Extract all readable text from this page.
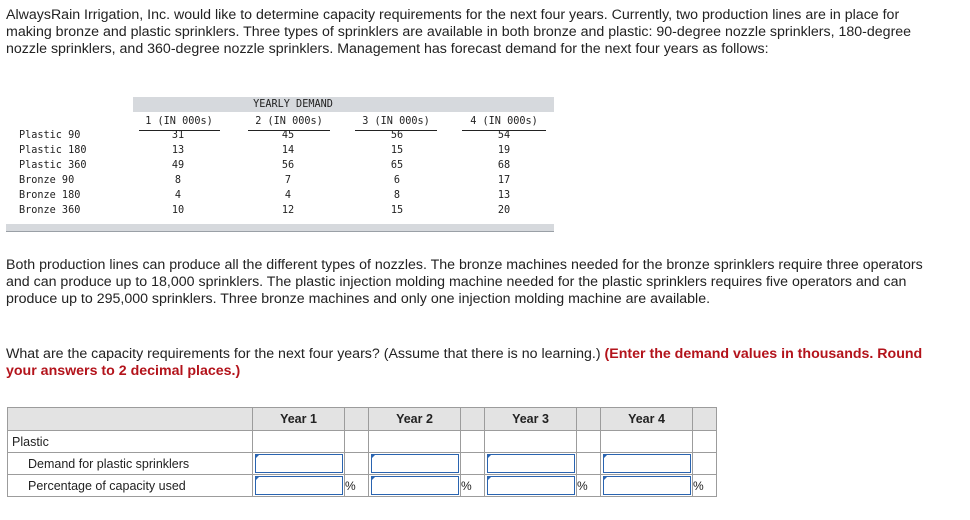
AlwaysRain Irrigation, Inc. would like to determine capacity requirements for the next four years. Currently, two production lines are in place for making bronze and plastic sprinklers. Three types of sprinklers are available in both bronze and plastic: 90-degree nozzle sprinklers, 180-degree nozzle sprinklers, and 360-degree nozzle sprinklers. Management has forecast demand for the next four years as follows:

YEARLY DEMAND
1 (IN 000s)	2 (IN 000s)	3 (IN 000s)	4 (IN 000s)
Plastic 90	31	45	56	54
Plastic 180	13	14	15	19
Plastic 360	49	56	65	68
Bronze 90	8	7	6	17
Bronze 180	4	4	8	13
Bronze 360	10	12	15	20

Both production lines can produce all the different types of nozzles. The bronze machines needed for the bronze sprinklers require three operators and can produce up to 18,000 sprinklers. The plastic injection molding machine needed for the plastic sprinklers requires five operators and can produce up to 295,000 sprinklers. Three bronze machines and only one injection molding machine are available.

What are the capacity requirements for the next four years? (Assume that there is no learning.) (Enter the demand values in thousands. Round your answers to 2 decimal places.)

	Year 1		Year 2		Year 3		Year 4	
Plastic								
Demand for plastic sprinklers	

Percentage of capacity used		%		%		%		%
